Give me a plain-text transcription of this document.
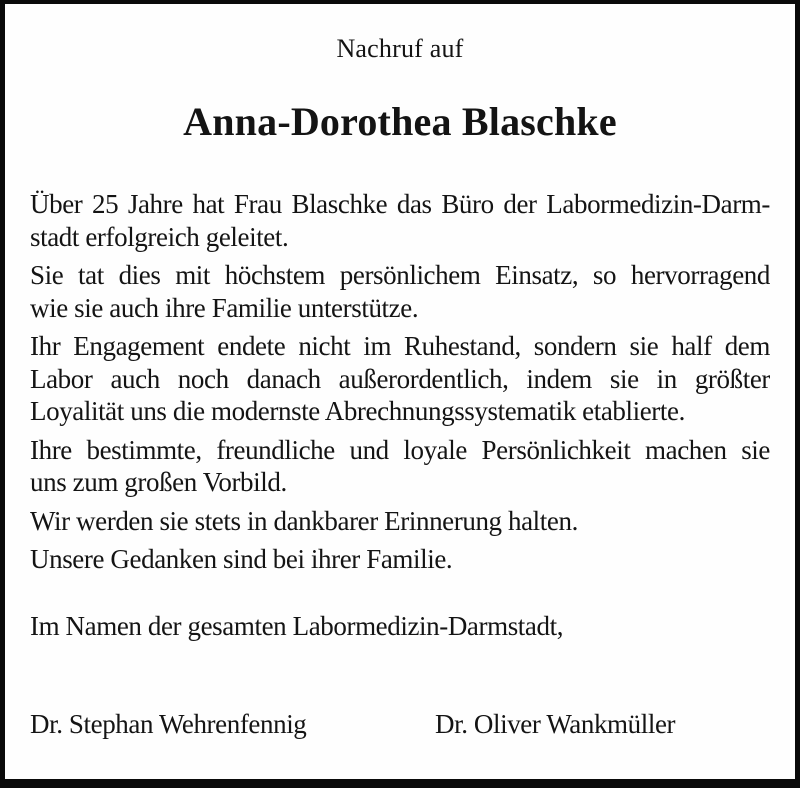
Nachruf auf
Anna-Dorothea Blaschke
Über 25 Jahre hat Frau Blaschke das Büro der Labormedizin-Darm-
stadt erfolgreich geleitet.
Sie tat dies mit höchstem persönlichem Einsatz, so hervorragend
wie sie auch ihre Familie unterstütze.
Ihr Engagement endete nicht im Ruhestand, sondern sie half dem
Labor auch noch danach außerordentlich, indem sie in größter
Loyalität uns die modernste Abrechnungssystematik etablierte.
Ihre bestimmte, freundliche und loyale Persönlichkeit machen sie
uns zum großen Vorbild.
Wir werden sie stets in dankbarer Erinnerung halten.
Unsere Gedanken sind bei ihrer Familie.
Im Namen der gesamten Labormedizin-Darmstadt,
Dr. Stephan Wehrenfennig	Dr. Oliver Wankmüller
